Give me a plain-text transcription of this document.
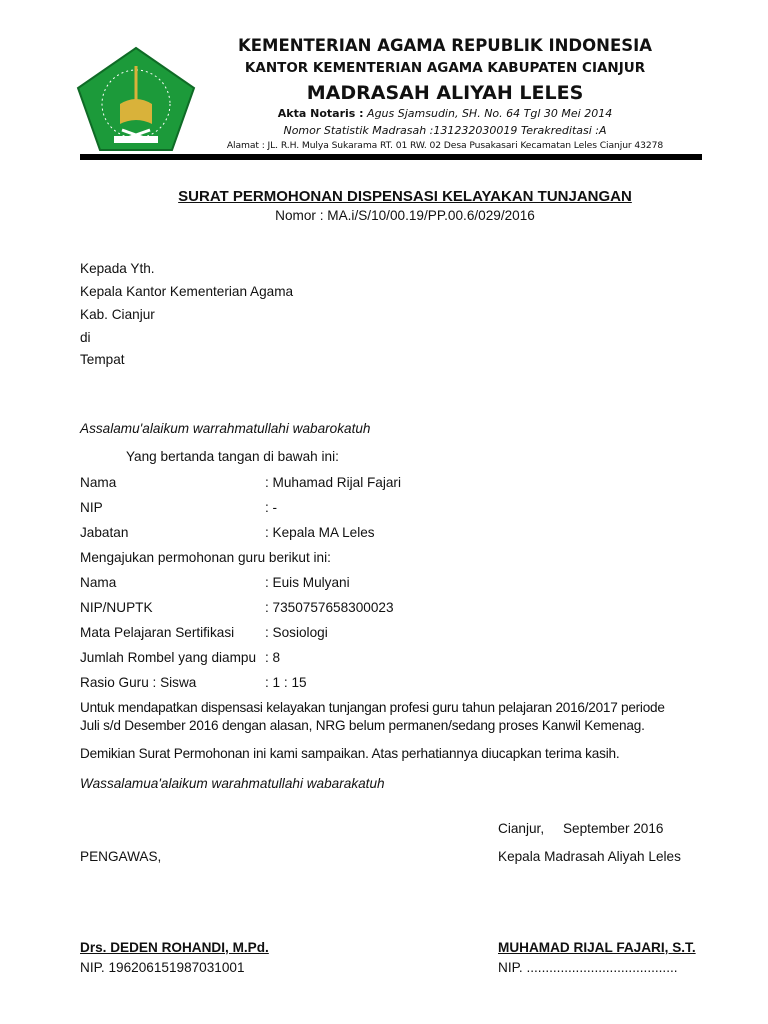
KEMENTERIAN AGAMA REPUBLIK INDONESIA
KANTOR KEMENTERIAN AGAMA KABUPATEN CIANJUR
MADRASAH ALIYAH LELES
Akta Notaris : Agus Sjamsudin, SH. No. 64 Tgl 30 Mei 2014
Nomor Statistik Madrasah :131232030019 Terakreditasi :A
Alamat : JL. R.H. Mulya Sukarama RT. 01 RW. 02 Desa Pusakasari Kecamatan Leles Cianjur 43278
SURAT PERMOHONAN DISPENSASI KELAYAKAN TUNJANGAN
Nomor : MA.i/S/10/00.19/PP.00.6/029/2016
Kepada Yth.
Kepala Kantor Kementerian Agama
Kab. Cianjur
di
Tempat
Assalamu'alaikum warrahmatullahi wabarokatuh
Yang bertanda tangan di bawah ini:
Nama	: Muhamad Rijal Fajari
NIP	: -
Jabatan	: Kepala MA Leles
Mengajukan permohonan guru berikut ini:
Nama	: Euis Mulyani
NIP/NUPTK	: 7350757658300023
Mata Pelajaran Sertifikasi : Sosiologi
Jumlah Rombel yang diampu : 8
Rasio Guru : Siswa	: 1 : 15
Untuk mendapatkan dispensasi kelayakan tunjangan profesi guru tahun pelajaran 2016/2017 periode
Juli s/d Desember 2016 dengan alasan, NRG belum permanen/sedang proses Kanwil Kemenag.
Demikian Surat Permohonan ini kami sampaikan. Atas perhatiannya diucapkan terima kasih.
Wassalamua'alaikum warahmatullahi wabarakatuh
Cianjur,     September 2016
PENGAWAS,	Kepala Madrasah Aliyah Leles
Drs. DEDEN ROHANDI, M.Pd.
NIP. 196206151987031001
MUHAMAD RIJAL FAJARI, S.T.
NIP. ........................................
